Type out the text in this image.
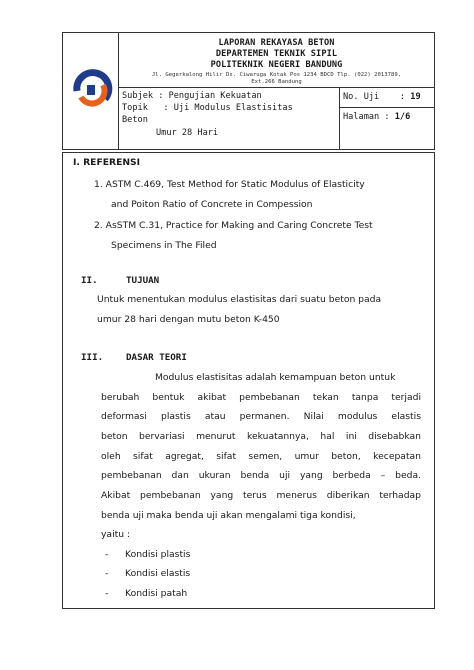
LAPORAN REKAYASA BETON
DEPARTEMEN TEKNIK SIPIL
POLITEKNIK NEGERI BANDUNG
Jl. Gegerkalong Hilir Ds. Ciwaruga Kotak Pos 1234 BDCD Tlp. (022) 2013789,
Ext.266 Bandung
Subjek : Pengujian Kekuatan
Topik   : Uji Modulus Elastisitas
Beton
Umur 28 Hari
No. Uji    : 19
Halaman : 1/6
I. REFERENSI
1. ASTM C.469, Test Method for Static Modulus of Elasticity
and Poiton Ratio of Concrete in Compession
2. AsSTM C.31, Practice for Making and Caring Concrete Test
Specimens in The Filed
II.	TUJUAN
Untuk menentukan modulus elastisitas dari suatu beton pada
umur 28 hari dengan mutu beton K-450
III. DASAR TEORI
Modulus elastisitas adalah kemampuan beton untuk
berubah bentuk akibat pembebanan tekan tanpa terjadi
deformasi plastis atau permanen. Nilai modulus elastis
beton bervariasi menurut kekuatannya, hal ini disebabkan
oleh sifat agregat, sifat semen, umur beton, kecepatan
pembebanan dan ukuran benda uji yang berbeda – beda.
Akibat pembebanan yang terus menerus diberikan terhadap
benda uji maka benda uji akan mengalami tiga kondisi,
yaitu :
- Kondisi plastis
- Kondisi elastis
- Kondisi patah
